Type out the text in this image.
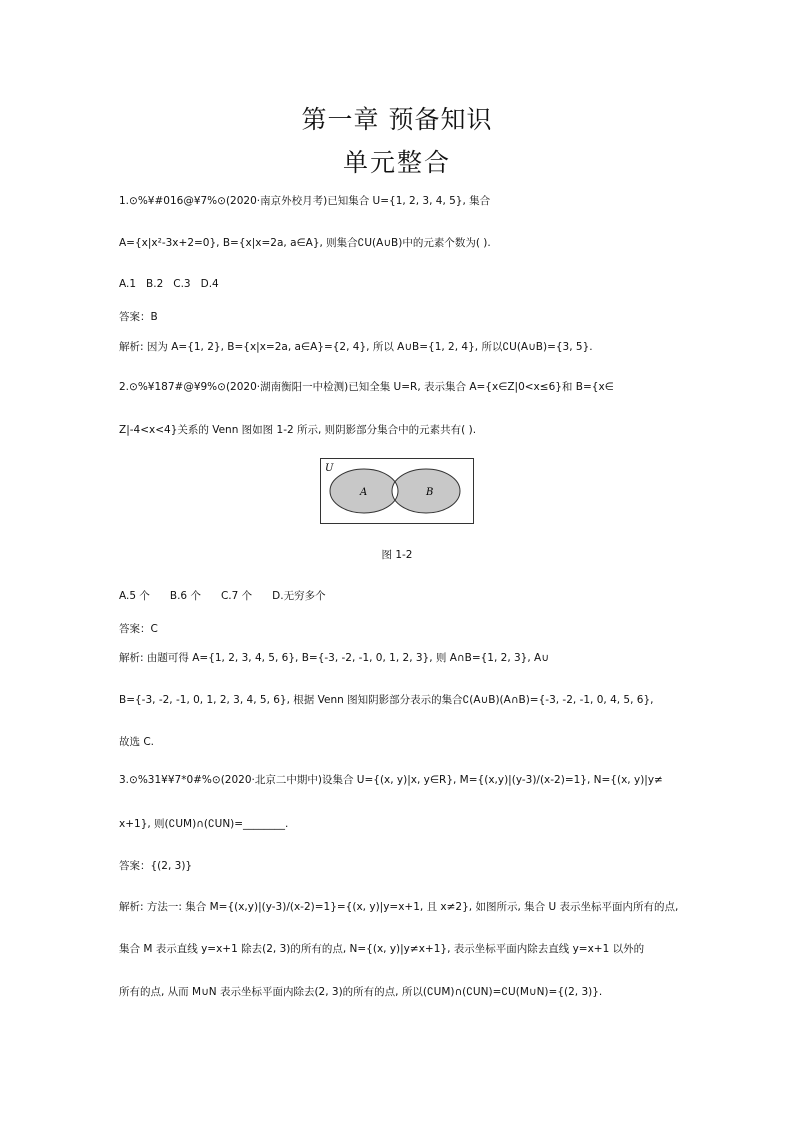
第一章 预备知识
单元整合
1.⊙%¥#016@¥7%⊙(2020·南京外校月考)已知集合 U={1, 2, 3, 4, 5}, 集合
A={x|x²-3x+2=0}, B={x|x=2a, a∈A}, 则集合∁U(A∪B)中的元素个数为( ).
A.1   B.2   C.3   D.4
答案：B
解析: 因为 A={1, 2}, B={x|x=2a, a∈A}={2, 4}, 所以 A∪B={1, 2, 4}, 所以∁U(A∪B)={3, 5}.
2.⊙%¥187#@¥9%⊙(2020·湖南衡阳一中检测)已知全集 U=R, 表示集合 A={x∈Z|0<x≤6}和 B={x∈
Z|-4<x<4}关系的 Venn 图如图 1-2 所示, 则阴影部分集合中的元素共有( ).
U
A	B
图 1-2
A.5 个      B.6 个      C.7 个      D.无穷多个
答案：C
解析: 由题可得 A={1, 2, 3, 4, 5, 6}, B={-3, -2, -1, 0, 1, 2, 3}, 则 A∩B={1, 2, 3}, A∪
B={-3, -2, -1, 0, 1, 2, 3, 4, 5, 6}, 根据 Venn 图知阴影部分表示的集合∁(A∪B)(A∩B)={-3, -2, -1, 0, 4, 5, 6},
故选 C.
3.⊙%31¥¥7*0#%⊙(2020·北京二中期中)设集合 U={(x, y)|x, y∈R}, M={(x,y)|(y-3)/(x-2)=1}, N={(x, y)|y≠
x+1}, 则(∁UM)∩(∁UN)=________.
答案：{(2, 3)}
解析: 方法一: 集合 M={(x,y)|(y-3)/(x-2)=1}={(x, y)|y=x+1, 且 x≠2}, 如图所示, 集合 U 表示坐标平面内所有的点,
集合 M 表示直线 y=x+1 除去(2, 3)的所有的点, N={(x, y)|y≠x+1}, 表示坐标平面内除去直线 y=x+1 以外的
所有的点, 从而 M∪N 表示坐标平面内除去(2, 3)的所有的点, 所以(∁UM)∩(∁UN)=∁U(M∪N)={(2, 3)}.
